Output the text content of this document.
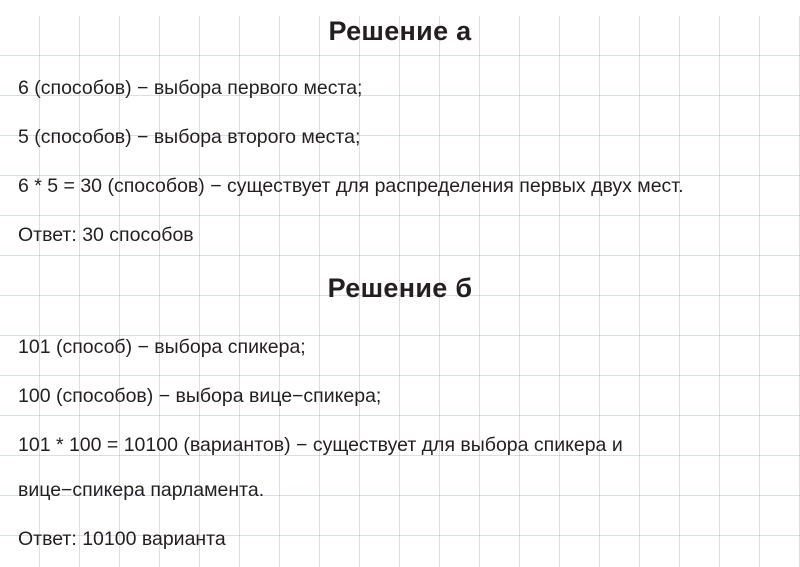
Решение а
6 (способов) − выбора первого места;
5 (способов) − выбора второго места;
6 * 5 = 30 (способов) − существует для распределения первых двух мест.
Ответ: 30 способов
Решение б
101 (способ) − выбора спикера;
100 (способов) − выбора вице−спикера;
101 * 100 = 10100 (вариантов) − существует для выбора спикера и
вице−спикера парламента.
Ответ: 10100 варианта
